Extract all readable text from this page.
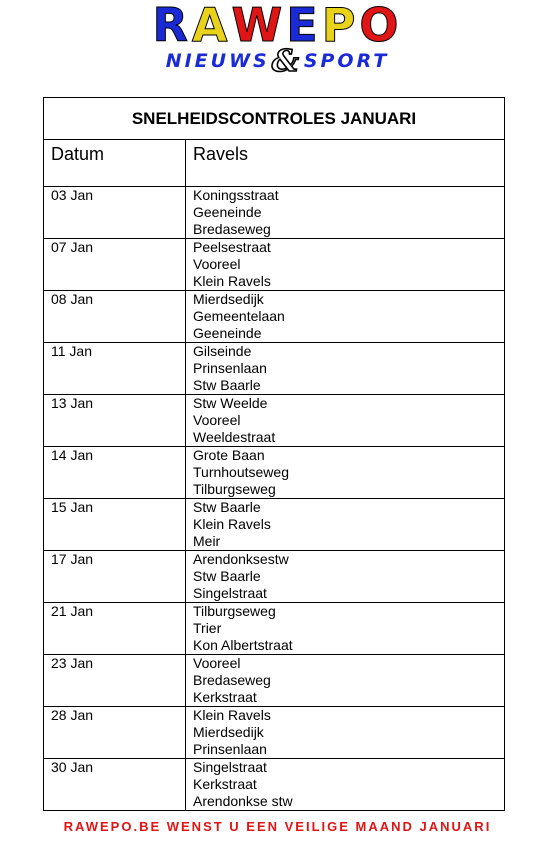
RAWEPO
NIEUWS& SPORT
SNELHEIDSCONTROLES JANUARI	
Datum	Ravels
03 Jan	Koningsstraat
Geeneinde
Bredaseweg

07 Jan	Peelsestraat
Vooreel
Klein Ravels

08 Jan	Mierdsedijk
Gemeentelaan
Geeneinde

11 Jan	Gilseinde
Prinsenlaan
Stw Baarle

13 Jan	Stw Weelde
Vooreel
Weeldestraat

14 Jan	Grote Baan
Turnhoutseweg
Tilburgseweg

15 Jan	Stw Baarle
Klein Ravels
Meir

17 Jan	Arendonksestw
Stw Baarle
Singelstraat

21 Jan	Tilburgseweg
Trier
Kon Albertstraat

23 Jan	Vooreel
Bredaseweg
Kerkstraat

28 Jan	Klein Ravels
Mierdsedijk
Prinsenlaan

30 Jan	Singelstraat
Kerkstraat
Arendonkse stw
RAWEPO.BE WENST U EEN VEILIGE MAAND JANUARI
